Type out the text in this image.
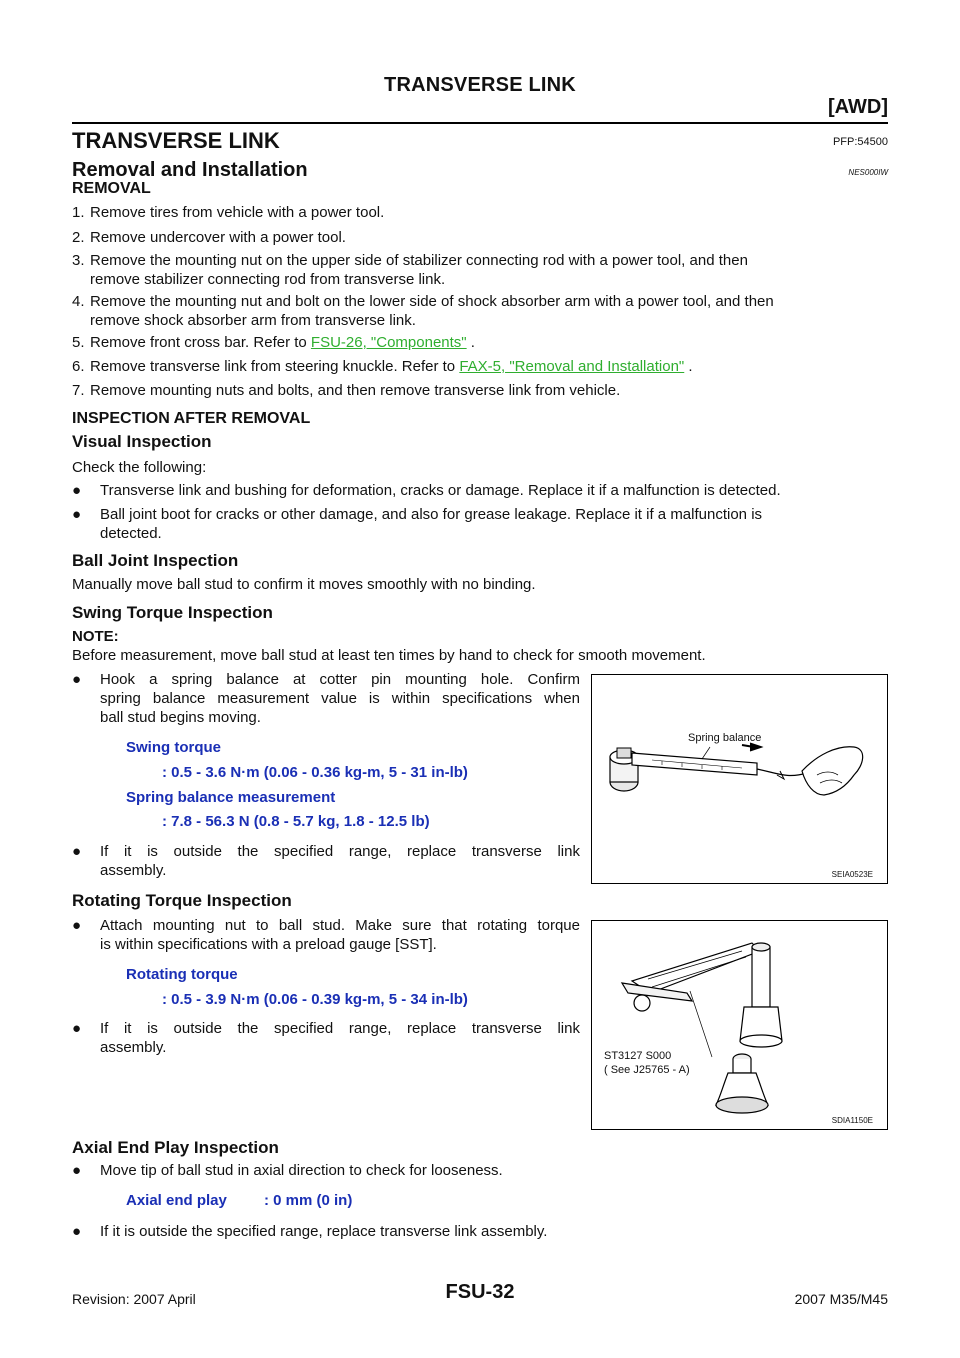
TRANSVERSE LINK
[AWD]
TRANSVERSE LINK	PFP:54500
Removal and Installation	NES000IW
REMOVAL
1. Remove tires from vehicle with a power tool.
2. Remove undercover with a power tool.
3. Remove the mounting nut on the upper side of stabilizer connecting rod with a power tool, and then
remove stabilizer connecting rod from transverse link.
4. Remove the mounting nut and bolt on the lower side of shock absorber arm with a power tool, and then
remove shock absorber arm from transverse link.
5. Remove front cross bar. Refer to FSU-26, "Components" .
6. Remove transverse link from steering knuckle. Refer to FAX-5, "Removal and Installation" .
7. Remove mounting nuts and bolts, and then remove transverse link from vehicle.
INSPECTION AFTER REMOVAL
Visual Inspection
Check the following:
●	Transverse link and bushing for deformation, cracks or damage. Replace it if a malfunction is detected.
●	Ball joint boot for cracks or other damage, and also for grease leakage. Replace it if a malfunction is
detected.
Ball Joint Inspection
Manually move ball stud to confirm it moves smoothly with no binding.
Swing Torque Inspection
NOTE:
Before measurement, move ball stud at least ten times by hand to check for smooth movement.
●	Hook a spring balance at cotter pin mounting hole. Confirm
spring balance measurement value is within specifications when
ball stud begins moving.
Swing torque
: 0.5 - 3.6 N·m (0.06 - 0.36 kg-m, 5 - 31 in-lb)
Spring balance measurement
: 7.8 - 56.3 N (0.8 - 5.7 kg, 1.8 - 12.5 lb)
●	If it is outside the specified range, replace transverse link
assembly.
Spring balance
SEIA0523E
Rotating Torque Inspection
●	Attach mounting nut to ball stud. Make sure that rotating torque
is within specifications with a preload gauge [SST].
Rotating torque
: 0.5 - 3.9 N·m (0.06 - 0.39 kg-m, 5 - 34 in-lb)
●	If it is outside the specified range, replace transverse link
assembly.	ST3127 S000
( See J25765 - A)
SDIA1150E
Axial End Play Inspection
●	Move tip of ball stud in axial direction to check for looseness.
Axial end play : 0 mm (0 in)
●	If it is outside the specified range, replace transverse link assembly.
FSU-32
Revision: 2007 April	2007 M35/M45
